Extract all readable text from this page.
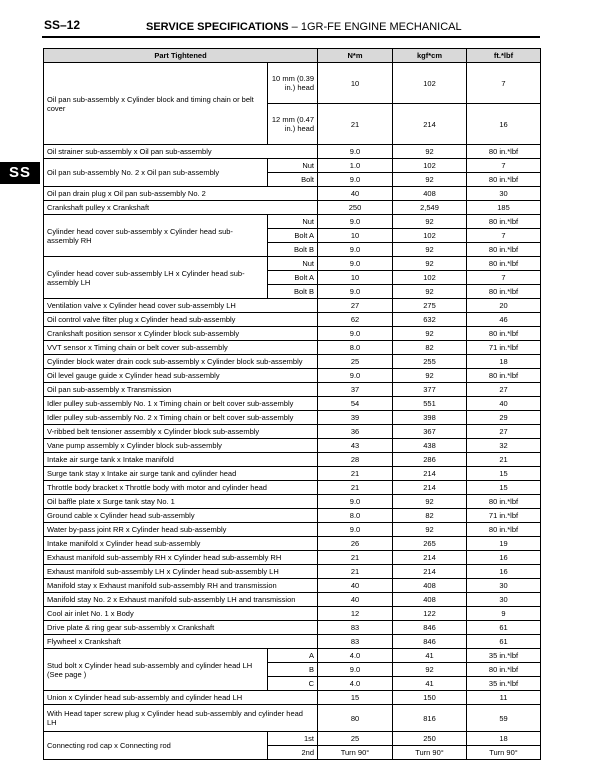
SS–12	SERVICE SPECIFICATIONS – 1GR-FE ENGINE MECHANICAL
SS
Part Tightened		N*m	kgf*cm	ft.*lbf
Oil pan sub-assembly x Cylinder block and timing chain or belt cover	10 mm (0.39 in.) head	10	102	7
	12 mm (0.47 in.) head	21	214	16
Oil strainer sub-assembly x Oil pan sub-assembly		9.0	92	80 in.*lbf
Oil pan sub-assembly No. 2 x Oil pan sub-assembly	Nut	1.0	102	7
	Bolt	9.0	92	80 in.*lbf
Oil pan drain plug x Oil pan sub-assembly No. 2		40	408	30
Crankshaft pulley x Crankshaft		250	2,549	185
Cylinder head cover sub-assembly x Cylinder head sub-assembly RH	Nut	9.0	92	80 in.*lbf
	Bolt A	10	102	7
	Bolt B	9.0	92	80 in.*lbf
Cylinder head cover sub-assembly LH x Cylinder head sub-assembly LH	Nut	9.0	92	80 in.*lbf
	Bolt A	10	102	7
	Bolt B	9.0	92	80 in.*lbf
Ventilation valve x Cylinder head cover sub-assembly LH		27	275	20
Oil control valve filter plug x Cylinder head sub-assembly		62	632	46
Crankshaft position sensor x Cylinder block sub-assembly		9.0	92	80 in.*lbf
VVT sensor x Timing chain or belt cover sub-assembly		8.0	82	71 in.*lbf
Cylinder block water drain cock sub-assembly x Cylinder block sub-assembly		25	255	18
Oil level gauge guide x Cylinder head sub-assembly		9.0	92	80 in.*lbf
Oil pan sub-assembly x Transmission		37	377	27
Idler pulley sub-assembly No. 1 x Timing chain or belt cover sub-assembly		54	551	40
Idler pulley sub-assembly No. 2 x Timing chain or belt cover sub-assembly		39	398	29
V-ribbed belt tensioner assembly x Cylinder block sub-assembly		36	367	27
Vane pump assembly x Cylinder block sub-assembly		43	438	32
Intake air surge tank x Intake manifold		28	286	21
Surge tank stay x Intake air surge tank and cylinder head		21	214	15
Throttle body bracket x Throttle body with motor and cylinder head		21	214	15
Oil baffle plate x Surge tank stay No. 1		9.0	92	80 in.*lbf
Ground cable x Cylinder head sub-assembly		8.0	82	71 in.*lbf
Water by-pass joint RR x Cylinder head sub-assembly		9.0	92	80 in.*lbf
Intake manifold x Cylinder head sub-assembly		26	265	19
Exhaust manifold sub-assembly RH x Cylinder head sub-assembly RH		21	214	16
Exhaust manifold sub-assembly LH x Cylinder head sub-assembly LH		21	214	16
Manifold stay x Exhaust manifold sub-assembly RH and transmission		40	408	30
Manifold stay No. 2 x Exhaust manifold sub-assembly LH and transmission		40	408	30
Cool air inlet No. 1 x Body		12	122	9
Drive plate & ring gear sub-assembly x Crankshaft		83	846	61
Flywheel x Crankshaft		83	846	61
Stud bolt x Cylinder head sub-assembly and cylinder head LH (See page )	A	4.0	41	35 in.*lbf
	B	9.0	92	80 in.*lbf
	C	4.0	41	35 in.*lbf
Union x Cylinder head sub-assembly and cylinder head LH		15	150	11
With Head taper screw plug x Cylinder head sub-assembly and cylinder head LH		80	816	59
Connecting rod cap x Connecting rod	1st	25	250	18
	2nd	Turn 90°	Turn 90°	Turn 90°
